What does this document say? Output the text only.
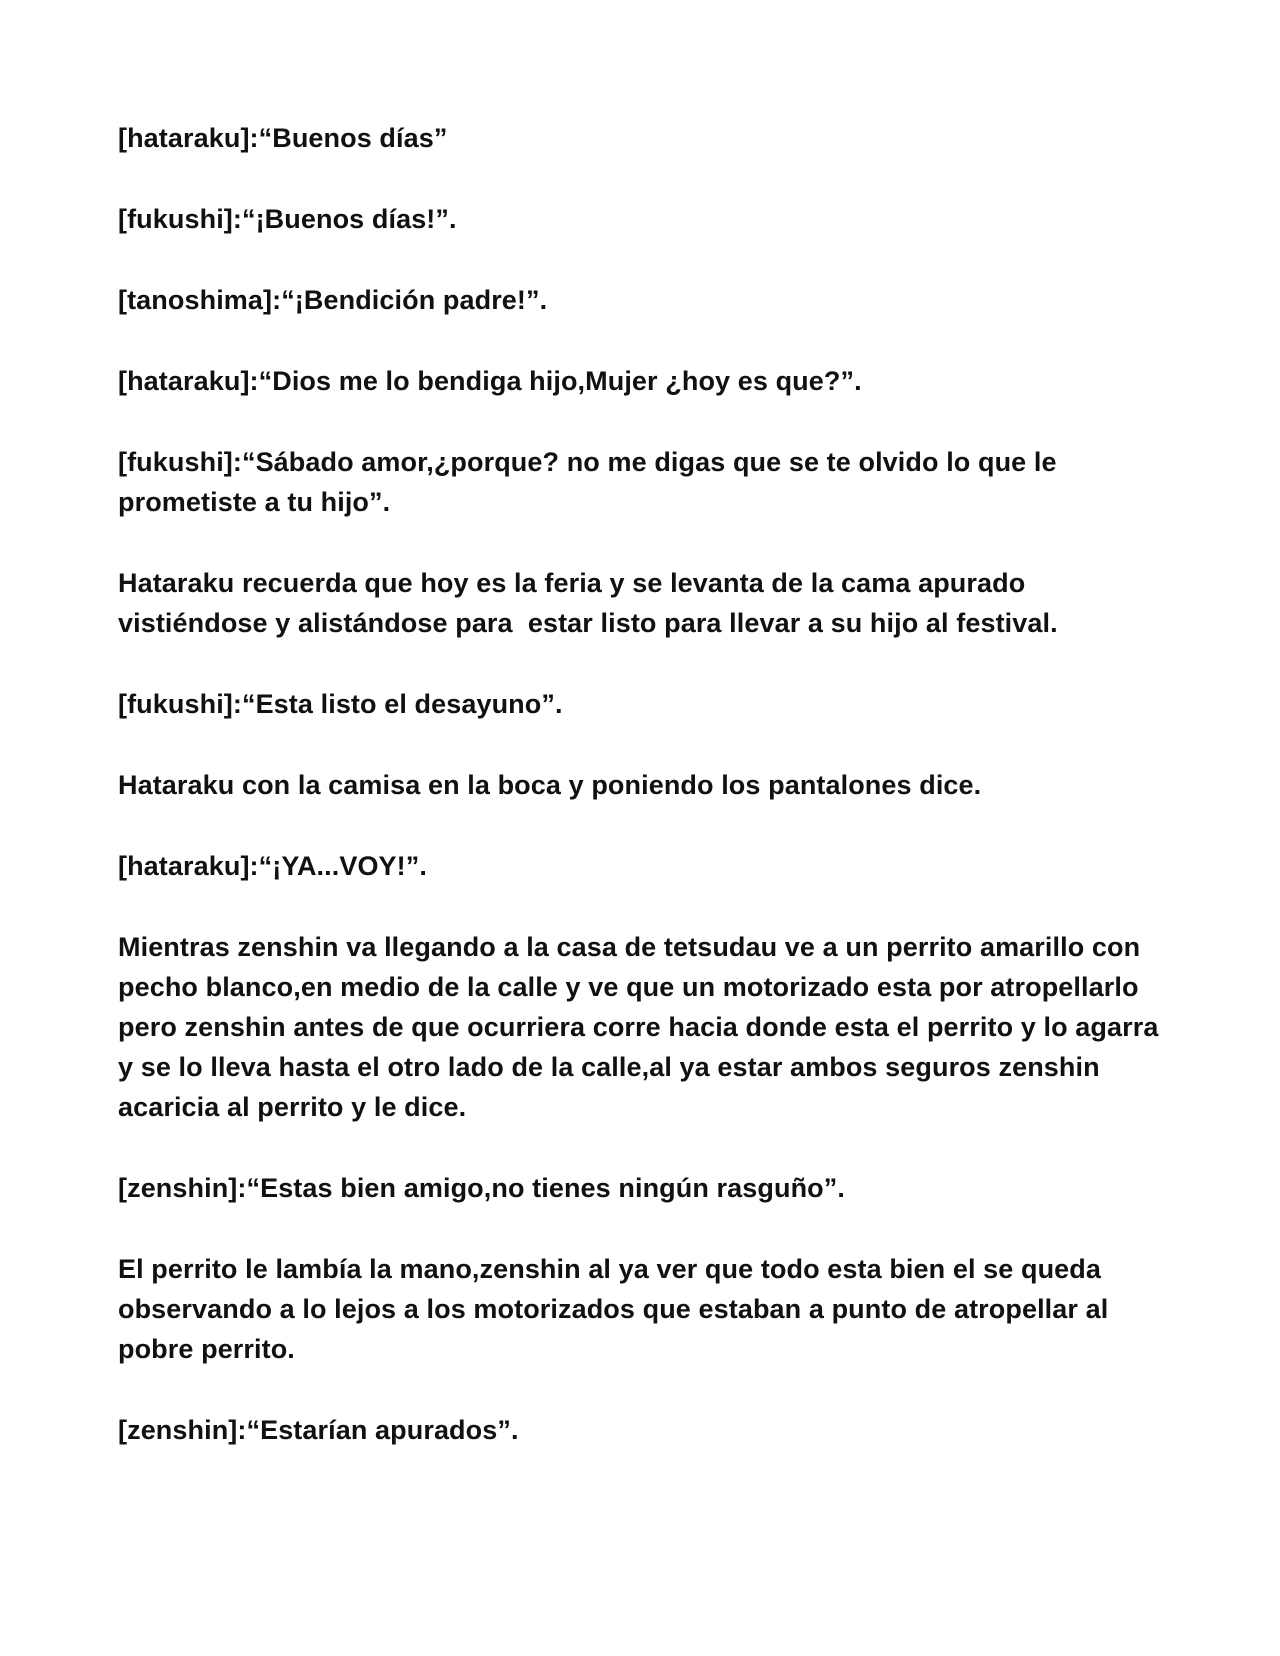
[hataraku]:“Buenos días”

[fukushi]:“¡Buenos días!”.

[tanoshima]:“¡Bendición padre!”.

[hataraku]:“Dios me lo bendiga hijo,Mujer ¿hoy es que?”.

[fukushi]:“Sábado amor,¿porque? no me digas que se te olvido lo que le prometiste a tu hijo”.

Hataraku recuerda que hoy es la feria y se levanta de la cama apurado vistiéndose y alistándose para  estar listo para llevar a su hijo al festival.

[fukushi]:“Esta listo el desayuno”.

Hataraku con la camisa en la boca y poniendo los pantalones dice.

[hataraku]:“¡YA...VOY!”.

Mientras zenshin va llegando a la casa de tetsudau ve a un perrito amarillo con pecho blanco,en medio de la calle y ve que un motorizado esta por atropellarlo pero zenshin antes de que ocurriera corre hacia donde esta el perrito y lo agarra y se lo lleva hasta el otro lado de la calle,al ya estar ambos seguros zenshin acaricia al perrito y le dice.

[zenshin]:“Estas bien amigo,no tienes ningún rasguño”.

El perrito le lambía la mano,zenshin al ya ver que todo esta bien el se queda observando a lo lejos a los motorizados que estaban a punto de atropellar al pobre perrito.

[zenshin]:“Estarían apurados”.
